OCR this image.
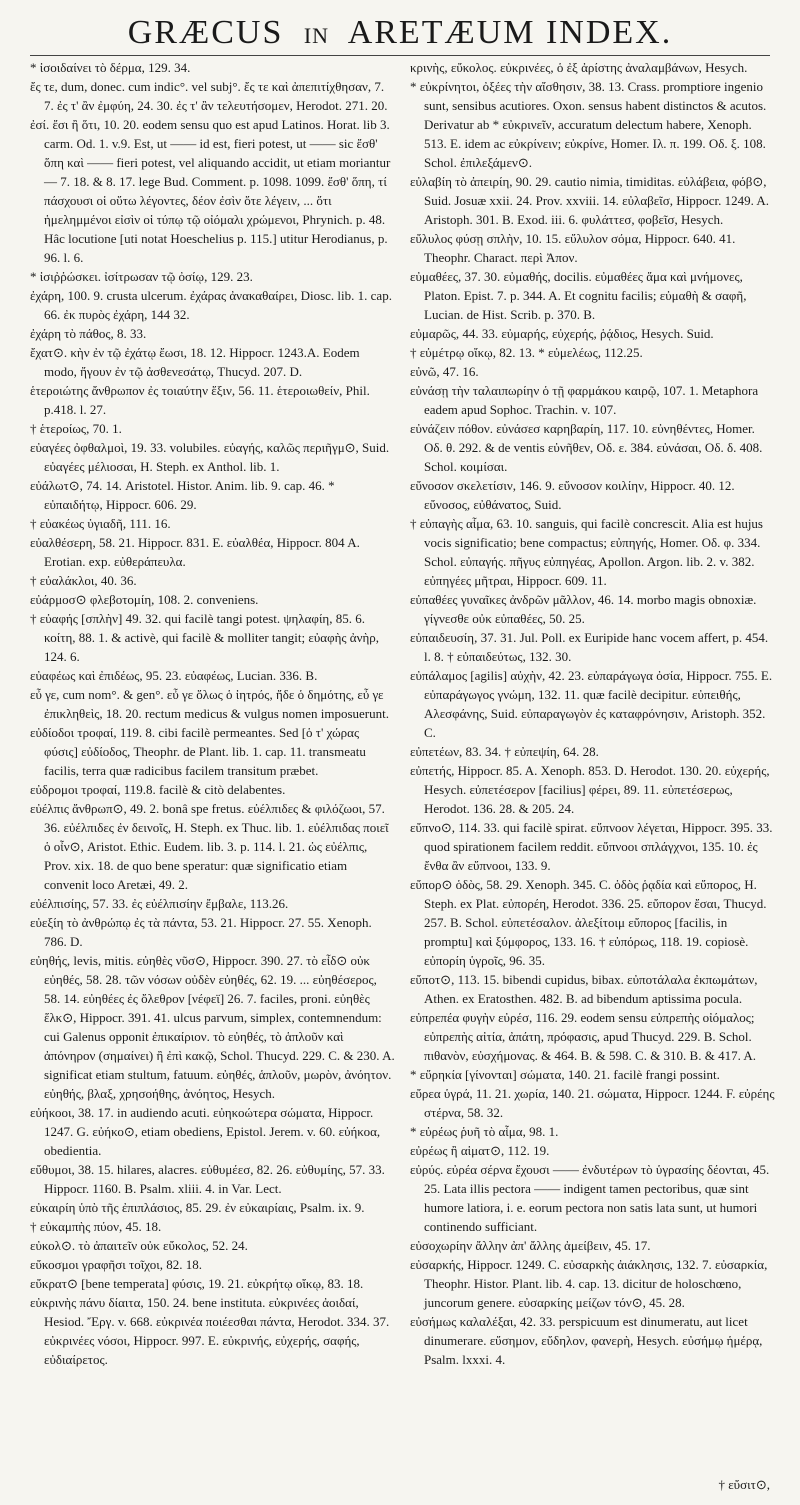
GRÆCUS IN ARETÆUM INDEX.

* ἰσοιδαίνει τὸ δέρμα, 129. 34.

ἔς τε, dum, donec. cum indic°. vel subj°. ἔς τε καὶ ἀπεπιτίχθησαν, 7. 7. ἐς τ' ἂν ἐμφύη, 24. 30. ἐς τ' ἂν τελευτήσομεν, Herodot. 271. 20.

ἐσί. ἔσι ἢ ὅτι, 10. 20. eodem sensu quo est apud Latinos. Horat. lib 3. carm. Od. 1. v.9. Est, ut —— id est, fieri potest, ut —— sic ἔσθ' ὅπη καὶ —— fieri potest, vel aliquando accidit, ut etiam moriantur — 7. 18. & 8. 17. lege Bud. Comment. p. 1098. 1099. ἔσθ' ὅπη, τί πάσχουσι οἱ οὕτω λέγοντες, δέον ἐσὶν ὅτε λέγειν, ... ὅτι ἡμελημμένοι εἰσὶν οἱ τύπῳ τῷ οἰόμαλι χρώμενοι, Phrynich. p. 48. Hâc locutione [uti notat Hoeschelius p. 115.] utitur Herodianus, p. 96. l. 6.

* ἰσιῤῥώσκει. ἰσίτρωσαν τῷ ὀσίῳ, 129. 23.

ἐχάρη, 100. 9. crusta ulcerum. ἐχάρας ἀνακαθαίρει, Diosc. lib. 1. cap. 66. ἐκ πυρὸς ἐχάρη, 144 32.

ἐχάρη τὸ πάθος, 8. 33.

ἔχατ⊙. κὴν ἐν τῷ ἐχάτῳ ἔωσι, 18. 12. Hippocr. 1243.A. Eodem modo, ἤγουν ἐν τῷ ἀσθενεσάτῳ, Thucyd. 207. D.

ἑτεροιώτης ἄνθρωπον ἐς τοιαύτην ἕξιν, 56. 11. ἑτεροιωθείν, Phil. p.418. l. 27.

† ἑτεροίως, 70. 1.

εὐαγέες ὀφθαλμοὶ, 19. 33. volubiles. εὐαγής, καλῶς περιῆγμ⊙, Suid. εὐαγέες μέλιοσαι, H. Steph. ex Anthol. lib. 1.

εὐάλωτ⊙, 74. 14. Aristotel. Histor. Anim. lib. 9. cap. 46. * εὐπαιδήτῳ, Hippocr. 606. 29.

† εὐακέως ὑγιαδῆ, 111. 16.

εὐαλθέσερη, 58. 21. Hippocr. 831. E. εὐαλθέα, Hippocr. 804 A. Erotian. exp. εὐθεράπευλα.

† εὐαλάκλοι, 40. 36.

εὐάρμοσ⊙ φλεβοτομίη, 108. 2. conveniens.

† εὐαφής [σπλὴν] 49. 32. qui facilè tangi potest. ψηλαφίη, 85. 6. κοίτη, 88. 1. & activè, qui facilè & molliter tangit; εὐαφὴς ἀνὴρ, 124. 6.

εὐαφέως καὶ ἐπιδέως, 95. 23. εὐαφέως, Lucian. 336. B.

εὖ γε, cum nom°. & gen°. εὖ γε ὅλως ὁ ἰητρός, ἤδε ὁ δημότης, εὖ γε ἐπικληθεὶς, 18. 20. rectum medicus & vulgus nomen imposuerunt.

εὐδίοδοι τροφαί, 119. 8. cibi facilè permeantes. Sed [ὁ τ' χώρας φύσις] εὐδίοδος, Theophr. de Plant. lib. 1. cap. 11. transmeatu facilis, terra quæ radicibus facilem transitum præbet.

εὐδρομοι τροφαί, 119.8. facilè & citò delabentes.

εὐέλπις ἄνθρωπ⊙, 49. 2. bonâ spe fretus. εὐέλπιδες & φιλόζωοι, 57. 36. εὐέλπιδες ἐν δεινοῖς, H. Steph. ex Thuc. lib. 1. εὐέλπιδας ποιεῖ ὁ οἶν⊙, Aristot. Ethic. Eudem. lib. 3. p. 114. l. 21. ὡς εὐέλπις, Prov. xix. 18. de quo bene speratur: quæ significatio etiam convenit loco Aretæi, 49. 2.

εὐέλπισίης, 57. 33. ἐς εὐέλπισίην ἔμβαλε, 113.26.

εὐεξίη τὸ ἀνθρώπῳ ἐς τὰ πάντα, 53. 21. Hippocr. 27. 55. Xenoph. 786. D.

εὐηθής, levis, mitis. εὐηθὲς νῦσ⊙, Hippocr. 390. 27. τὸ εἶδ⊙ οὐκ εὐηθές, 58. 28. τῶν νόσων οὐδὲν εὐηθές, 62. 19. ... εὐηθέσερος, 58. 14. εὐηθέες ἐς ὄλεθρον [νέφεϊ] 26. 7. faciles, proni. εὐηθὲς ἕλκ⊙, Hippocr. 391. 41. ulcus parvum, simplex, contemnendum: cui Galenus opponit ἐπικαίριον. τὸ εὐηθές, τὸ ἁπλοῦν καὶ ἀπόνηρον (σημαίνει) ἢ ἐπὶ κακῷ, Schol. Thucyd. 229. C. & 230. A. significat etiam stultum, fatuum. εὐηθές, ἁπλοῦν, μωρὸν, ἀνόητον. εὐηθής, βλαξ, χρησοήθης, ἀνόητος, Hesych.

εὐήκοοι, 38. 17. in audiendo acuti. εὐηκοώτερα σώματα, Hippocr. 1247. G. εὐήκο⊙, etiam obediens, Epistol. Jerem. v. 60. εὐήκοα, obedientia.

εὔθυμοι, 38. 15. hilares, alacres. εὐθυμέεσ, 82. 26. εὐθυμίης, 57. 33. Hippocr. 1160. B. Psalm. xliii. 4. in Var. Lect.

εὐκαιρίη ὑπὸ τῆς ἐπιπλάσιος, 85. 29. ἐν εὐκαιρίαις, Psalm. ix. 9.

† εὐκαμπὴς πύον, 45. 18.

εὐκολ⊙. τὸ ἀπαιτεῖν οὐκ εὔκολος, 52. 24.

εὔκοσμοι γραφῆσι τοῖχοι, 82. 18.

εὔκρατ⊙ [bene temperata] φύσις, 19. 21. εὐκρήτῳ οἴκῳ, 83. 18.

εὐκρινὴς πάνυ δίαιτα, 150. 24. bene instituta. εὐκρινέες ἀοιδαί, Hesiod. Ἔργ. v. 668. εὐκρινέα ποιέεσθαι πάντα, Herodot. 334. 37. εὐκρινέες νόσοι, Hippocr. 997. E. εὐκρινής, εὐχερής, σαφής, εὐδιαίρετος.

κρινὴς, εὔκολος. εὐκρινέες, ὁ ἐξ ἀρίστης ἀναλαμβάνων, Hesych.

* εὐκρίνητοι, ὀξέες τὴν αἴσθησιν, 38. 13. Crass. promptiore ingenio sunt, sensibus acutiores. Oxon. sensus habent distinctos & acutos. Derivatur ab * εὐκρινεῖν, accuratum delectum habere, Xenoph. 513. E. idem ac εὐκρίνειν; εὐκρίνε, Homer. Ιλ. π. 199. Οδ. ξ. 108. Schol. ἐπιλεξάμεν⊙.

εὐλαβίη τὸ ἀπειρίη, 90. 29. cautio nimia, timiditas. εὐλάβεια, φόβ⊙, Suid. Josuæ xxii. 24. Prov. xxviii. 14. εὐλαβεῖσ, Hippocr. 1249. A. Aristoph. 301. B. Exod. iii. 6. φυλάττεσ, φοβεῖσ, Hesych.

εὔλυλος φύσῃ σπλὴν, 10. 15. εὔλυλον σόμα, Hippocr. 640. 41. Theophr. Charact. περὶ Ἀπον.

εὐμαθέες, 37. 30. εὐμαθής, docilis. εὐμαθέες ἅμα καὶ μνήμονες, Platon. Epist. 7. p. 344. A. Et cognitu facilis; εὐμαθὴ & σαφῆ, Lucian. de Hist. Scrib. p. 370. B.

εὐμαρῶς, 44. 33. εὐμαρής, εὐχερής, ῥᾴδιος, Hesych. Suid.

† εὐμέτρῳ οἴκῳ, 82. 13. * εὐμελέως, 112.25.

εὐνῶ, 47. 16.

εὐνάσῃ τὴν ταλαιπωρίην ὁ τῇ φαρμάκου καιρῷ, 107. 1. Metaphora eadem apud Sophoc. Trachin. v. 107.

εὐνάζειν πόθον. εὐνάσεσ καρηβαρίη, 117. 10. εὐνηθέντες, Homer. Οδ. θ. 292. & de ventis εὐνῆθεν, Οδ. ε. 384. εὐνάσαι, Οδ. δ. 408. Schol. κοιμίσαι.

εὔνοσον σκελετίσιν, 146. 9. εὔνοσον κοιλίην, Hippocr. 40. 12. εὔνοσος, εὐθάνατος, Suid.

† εὐπαγὴς αἷμα, 63. 10. sanguis, qui facilè concrescit. Alia est hujus vocis significatio; bene compactus; εὐπηγής, Homer. Οδ. φ. 334. Schol. εὐπαγής. πῆγυς εὐπηγέας, Apollon. Argon. lib. 2. v. 382. εὐπηγέες μῆτραι, Hippocr. 609. 11.

εὐπαθέες γυναῖκες ἀνδρῶν μᾶλλον, 46. 14. morbo magis obnoxiæ. γίγνεσθε οὐκ εὐπαθέες, 50. 25.

εὐπαιδευσίη, 37. 31. Jul. Poll. ex Euripide hanc vocem affert, p. 454. l. 8. † εὐπαιδεύτως, 132. 30.

εὐπάλαμος [agilis] αὐχὴν, 42. 23. εὐπαράγωγα ὀσία, Hippocr. 755. E. εὐπαράγωγος γνώμη, 132. 11. quæ facilè decipitur. εὐπειθής, Αλεσφάνης, Suid. εὐπαραγωγὸν ἐς καταφρόνησιν, Aristoph. 352. C.

εὐπετέων, 83. 34. † εὐπεψίη, 64. 28.

εὐπετής, Hippocr. 85. A. Xenoph. 853. D. Herodot. 130. 20. εὐχερής, Hesych. εὐπετέσερον [facilius] φέρει, 89. 11. εὐπετέσερως, Herodot. 136. 28. & 205. 24.

εὔπνο⊙, 114. 33. qui facilè spirat. εὔπνοον λέγεται, Hippocr. 395. 33. quod spirationem facilem reddit. εὔπνοοι σπλάγχνοι, 135. 10. ἐς ἔνθα ἂν εὔπνοοι, 133. 9.

εὔπορ⊙ ὁδὸς, 58. 29. Xenoph. 345. C. ὁδὸς ῥᾳδία καὶ εὔπορος, H. Steph. ex Plat. εὐπορέη, Herodot. 336. 25. εὔπορον ἔσαι, Thucyd. 257. B. Schol. εὐπετέσαλον. ἀλεξίτοιμ εὔπορος [facilis, in promptu] καὶ ξύμφορος, 133. 16. † εὐπόρως, 118. 19. copiosè. εὐπορίη ὑγροῖς, 96. 35.

εὔποτ⊙, 113. 15. bibendi cupidus, bibax. εὐποτάλαλα ἐκπωμάτων, Athen. ex Eratosthen. 482. B. ad bibendum aptissima pocula.

εὐπρεπέα φυγὴν εὐρέσ, 116. 29. eodem sensu εὐπρεπὴς οἰόμαλος; εὐπρεπὴς αἰτία, ἀπάτη, πρόφασις, apud Thucyd. 229. B. Schol. πιθανὸν, εὐσχήμονας. & 464. B. & 598. C. & 310. B. & 417. A.

* εὔρηκία [γίνονται] σώματα, 140. 21. facilè frangi possint.

εὔρεα ὑγρά, 11. 21. χωρία, 140. 21. σώματα, Hippocr. 1244. F. εὐρέης στέρνα, 58. 32.

* εὐρέως ῥυῆ τὸ αἷμα, 98. 1.

εὐρέως ἢ αἱματ⊙, 112. 19.

εὐρύς. εὐρέα σέρνα ἔχουσι —— ἐνδυτέρων τὸ ὑγρασίης δέονται, 45. 25. Lata illis pectora —— indigent tamen pectoribus, quæ sint humore latiora, i. e. eorum pectora non satis lata sunt, ut humori continendo sufficiant.

εὐσοχωρίην ἄλλην ἀπ' ἄλλης ἀμείβειν, 45. 17.

εὐσαρκής, Hippocr. 1249. C. εὐσαρκὴς ἀιάκλησις, 132. 7. εὐσαρκία, Theophr. Histor. Plant. lib. 4. cap. 13. dicitur de holoschœno, juncorum genere. εὐσαρκίης μείζων τόν⊙, 45. 28.

εὐσήμως καλαλέξαι, 42. 33. perspicuum est dinumeratu, aut licet dinumerare. εὔσημον, εὔδηλον, φανερὴ, Hesych. εὐσήμῳ ἡμέρᾳ, Psalm. lxxxi. 4.

† εὔσιτ⊙,
